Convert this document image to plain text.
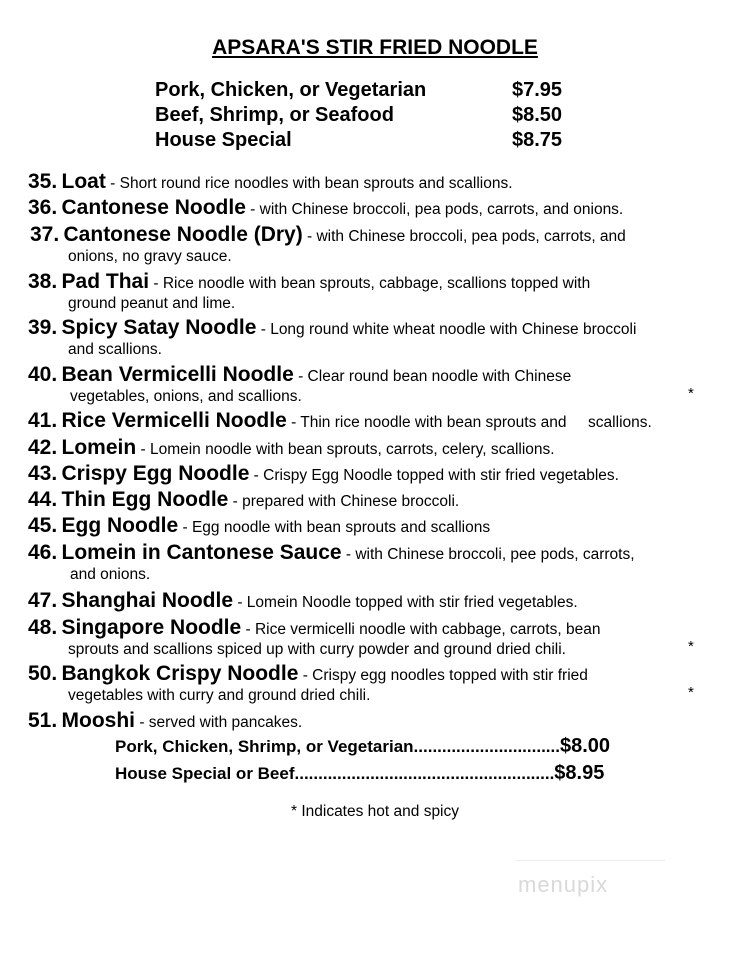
APSARA'S STIR FRIED NOODLE
Pork, Chicken, or Vegetarian	$7.95
Beef, Shrimp, or Seafood	$8.50
House Special	$8.75
35. Loat - Short round rice noodles with bean sprouts and scallions.
36. Cantonese Noodle - with Chinese broccoli, pea pods, carrots, and onions.
37. Cantonese Noodle (Dry) - with Chinese broccoli, pea pods, carrots, and
onions, no gravy sauce.
38. Pad Thai - Rice noodle with bean sprouts, cabbage, scallions topped with
ground peanut and lime.
39. Spicy Satay Noodle - Long round white wheat noodle with Chinese broccoli
and scallions.
40. Bean Vermicelli Noodle - Clear round bean noodle with Chinese
vegetables, onions, and scallions.	*
41. Rice Vermicelli Noodle - Thin rice noodle with bean sprouts and     scallions.
42. Lomein - Lomein noodle with bean sprouts, carrots, celery, scallions.
43. Crispy Egg Noodle - Crispy Egg Noodle topped with stir fried vegetables.
44. Thin Egg Noodle - prepared with Chinese broccoli.
45. Egg Noodle - Egg noodle with bean sprouts and scallions
46. Lomein in Cantonese Sauce - with Chinese broccoli, pee pods, carrots,
and onions.
47. Shanghai Noodle - Lomein Noodle topped with stir fried vegetables.
48. Singapore Noodle - Rice vermicelli noodle with cabbage, carrots, bean
sprouts and scallions spiced up with curry powder and ground dried chili.	*
50. Bangkok Crispy Noodle - Crispy egg noodles topped with stir fried
vegetables with curry and ground dried chili.	*
51. Mooshi - served with pancakes.
Pork, Chicken, Shrimp, or Vegetarian...............................$8.00
House Special or Beef.......................................................$8.95
* Indicates hot and spicy
menupix
